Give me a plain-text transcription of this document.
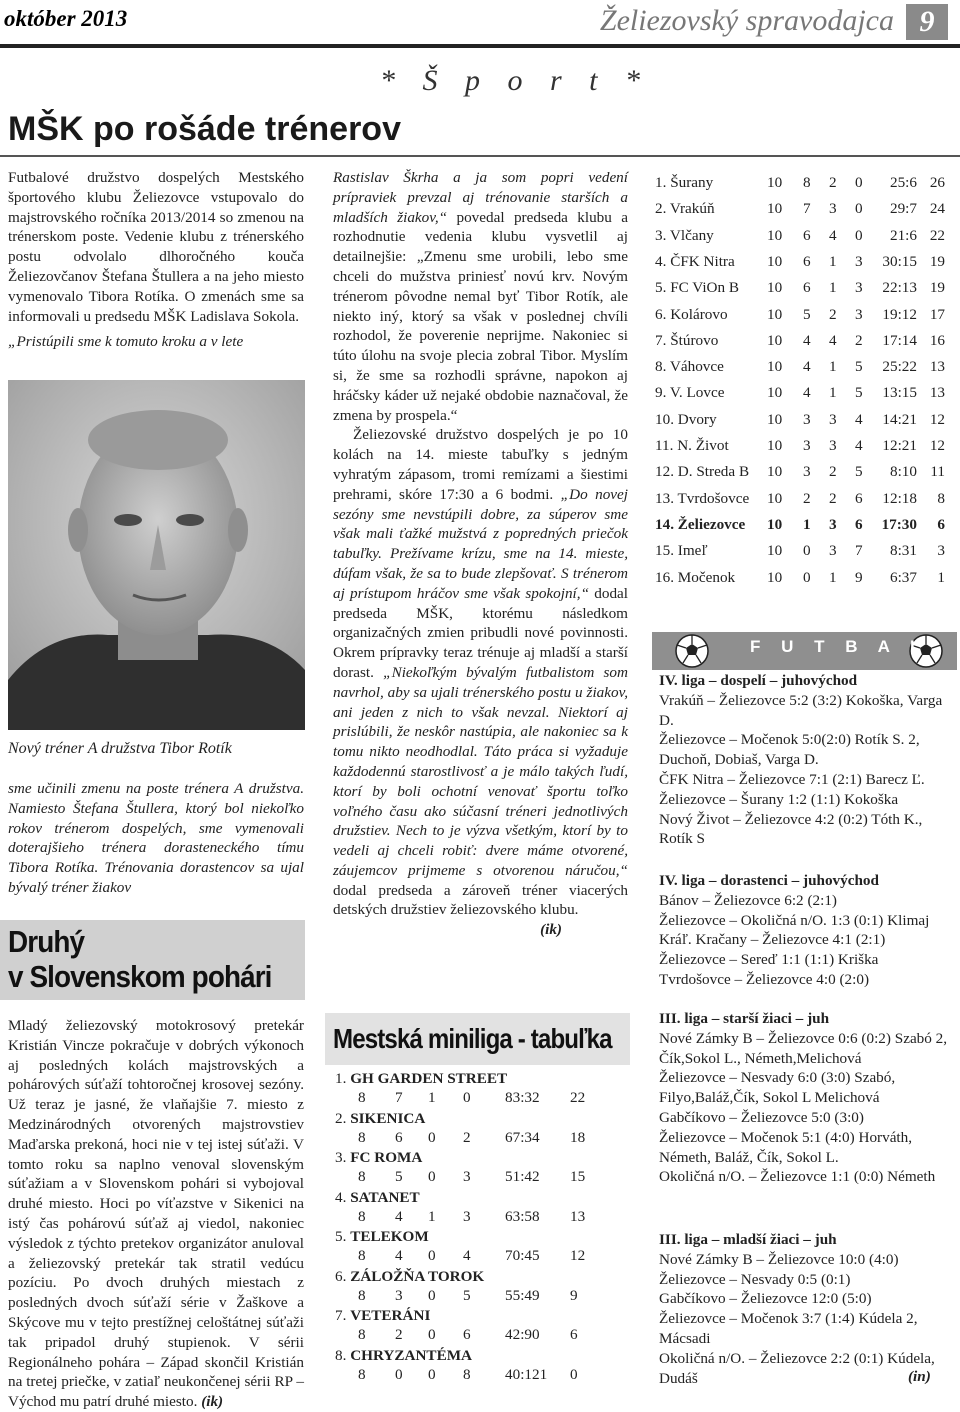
október 2013	Želiezovský spravodajca 9
* Š p o r t *
MŠK po rošáde trénerov

Futbalové družstvo dospelých Mestského športového klubu Želiezovce vstupovalo do majstrovského ročníka 2013/2014 so zmenou na trénerskom poste. Vedenie klubu z trénerského postu odvolalo dlhoročného kouča Želiezovčanov Štefana Štullera a na jeho miesto vymenovalo Tibora Rotíka. O zmenách sme sa informovali u predsedu MŠK Ladislava Sokola.

„Pristúpili sme k tomuto kroku a v lete

Nový tréner A družstva Tibor Rotík

sme učinili zmenu na poste trénera A družstva. Namiesto Štefana Štullera, ktorý bol niekoľko rokov trénerom dospelých, sme vymenovali doterajšieho trénera dorasteneckého tímu Tibora Rotíka. Trénovania dorastencov sa ujal bývalý tréner žiakov

Druhý
v Slovenskom pohári

Mladý želiezovský motokrosový pretekár Kristián Vincze pokračuje v dobrých výkonoch aj posledných kolách majstrovských a pohárových súťaží tohtoročnej krosovej sezóny. Už teraz je jasné, že vlaňajšie 7. miesto z Medzinárodných otvorených majstrovstiev Maďarska prekoná, hoci nie v tej istej súťaži. V tomto roku sa naplno venoval slovenským súťažiam a v Slovenskom pohári si vybojoval druhé miesto. Hoci po víťazstve v Sikenici na istý čas pohárovú súťaž aj viedol, nakoniec výsledok z týchto pretekov organizátor anuloval a želiezovský pretekár tak stratil vedúcu pozíciu. Po dvoch druhých miestach z posledných dvoch súťaží série v Žaškove a Skýcove mu v tejto prestížnej celoštátnej súťaži tak pripadol druhý stupienok. V sérii Regionálneho pohára – Západ skončil Kristián na tretej priečke, v zatiaľ neukončenej sérii RP – Východ mu patrí druhé miesto. (ik)

Rastislav Škrha a ja som popri vedení prípraviek prevzal aj trénovanie starších a mladších žiakov,“ povedal predseda klubu a rozhodnutie vedenia klubu vysvetlil aj detailnejšie: „Zmenu sme urobili, lebo sme chceli do mužstva priniesť novú krv. Novým trénerom pôvodne nemal byť Tibor Rotík, ale niekto iný, ktorý sa však v poslednej chvíli rozhodol, že poverenie neprijme. Nakoniec si túto úlohu na svoje plecia zobral Tibor. Myslím si, že sme sa rozhodli správne, napokon aj hráčsky káder už nejaké obdobie naznačoval, že zmena by prospela.“

Želiezovské družstvo dospelých je po 10 kolách na 14. mieste tabuľky s jedným vyhratým zápasom, tromi remízami a šiestimi prehrami, skóre 17:30 a 6 bodmi. „Do novej sezóny sme nevstúpili dobre, za súperov sme však mali ťažké mužstvá z popredných priečok tabuľky. Prežívame krízu, sme na 14. mieste, dúfam však, že sa to bude zlepšovať. S trénerom aj prístupom hráčov sme však spokojní,“ dodal predseda MŠK, ktorému následkom organizačných zmien pribudli nové povinnosti. Okrem prípravky teraz trénuje aj mladší a starší dorast. „Niekoľkým bývalým futbalistom som navrhol, aby sa ujali trénerského postu u žiakov, ani jeden z nich to však nevzal. Niektorí aj prislúbili, že neskôr nastúpia, ale nakoniec sa k tomu nikto neodhodlal. Táto práca si vyžaduje každodennú starostlivosť a je málo takých ľudí, ktorí by boli ochotní venovať športu toľko voľného času ako súčasní tréneri jednotlivých družstiev. Nech to je výzva všetkým, ktorí by to vedeli aj chceli robiť: dvere máme otvorené, záujemcov prijmeme s otvorenou náručou,“ dodal predseda a zároveň tréner viacerých detských družstiev želiezovského klubu.

(ik)

Mestská miniliga - tabuľka
1. GH GARDEN STREET
8 7 1 0 83:32 22
2. SIKENICA
8 6 0 2 67:34 18
3. FC ROMA
8 5 0 3 51:42 15
4. SATANET
8 4 1 3 63:58 13
5. TELEKOM
8 4 0 4 70:45 12
6. ZÁLOŽŇA TOROK
8 3 0 5 55:49 9
7. VETERÁNI
8 2 0 6 42:90 6
8. CHRYZANTÉMA
8 0 0 8 40:121 0
1. Šurany	10 8 2 0 25:6 26
2. Vrakúň	10 7 3 0 29:7 24
3. Vlčany	10 6 4 0 21:6 22
4. ČFK Nitra 10 6 1 3 30:15 19
5. FC ViOn B 10 6 1 3 22:13 19
6. Kolárovo	10 5 2 3 19:12 17
7. Štúrovo	10 4 4 2 17:14 16
8. Váhovce	10 4 1 5 25:22 13
9. V. Lovce	10 4 1 5 13:15 13
10. Dvory	10 3 3 4 14:21 12
11. N. Život	10 3 3 4 12:21 12
12. D. Streda B 10 3 2 5 8:10 11
13. Tvrdošovce 10 2 2 6 12:18 8
14. Želiezovce 10 1 3 6 17:30 6
15. Imeľ	10 0 3 7 8:31 3
16. Močenok 10 0 1 9 6:37 1
F U T B A L

IV. liga – dospelí – juhovýchod

Vrakúň – Želiezovce 5:2 (3:2) Kokoška, Varga D.

Želiezovce – Močenok 5:0(2:0) Rotík S. 2, Duchoň, Dobiaš, Varga D.

ČFK Nitra – Želiezovce 7:1 (2:1) Barecz Ľ.

Želiezovce – Šurany 1:2 (1:1) Kokoška

Nový Život – Želiezovce 4:2 (0:2) Tóth K., Rotík S

IV. liga – dorastenci – juhovýchod

Bánov – Želiezovce 6:2 (2:1)

Želiezovce – Okoličná n/O. 1:3 (0:1) Klimaj Kráľ. Kračany – Želiezovce 4:1 (2:1)

Želiezovce – Sereď 1:1 (1:1) Kriška

Tvrdošovce – Želiezovce 4:0 (2:0)

III. liga – starší žiaci – juh

Nové Zámky B – Želiezovce 0:6 (0:2) Szabó 2, Čík,Sokol L., Németh,Melichová

Želiezovce – Nesvady 6:0 (3:0) Szabó, Filyo,Baláž,Čík, Sokol L Melichová

Gabčíkovo – Želiezovce 5:0 (3:0)

Želiezovce – Močenok 5:1 (4:0) Horváth, Németh, Baláž, Čík, Sokol L.

Okoličná n/O. – Želiezovce 1:1 (0:0) Németh

III. liga – mladší žiaci – juh

Nové Zámky B – Želiezovce 10:0 (4:0)

Želiezovce – Nesvady 0:5 (0:1)

Gabčíkovo – Želiezovce 12:0 (5:0)

Želiezovce – Močenok 3:7 (1:4) Kúdela 2, Mácsadi

Okoličná n/O. – Želiezovce 2:2 (0:1) Kúdela, Dudáš	(in)
